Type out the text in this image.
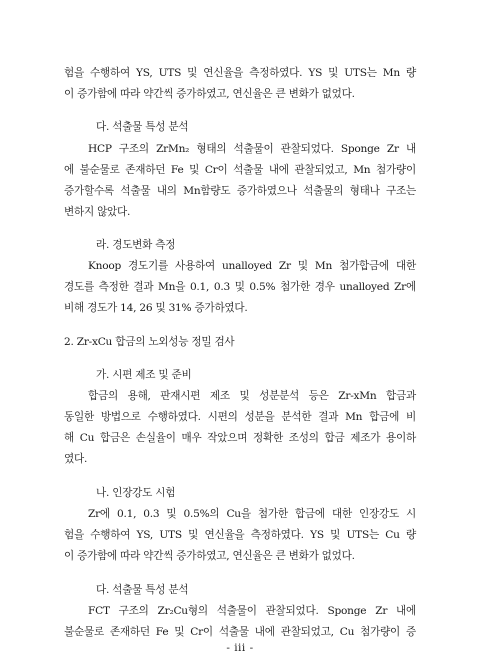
험을 수행하여 YS, UTS 및 연신율을 측정하였다. YS 및 UTS는 Mn 량
이 증가함에 따라 약간씩 증가하였고, 연신율은 큰 변화가 없었다.
다. 석출물 특성 분석
HCP 구조의 ZrMn₂ 형태의 석출물이 관찰되었다. Sponge Zr 내
에 불순물로 존재하던 Fe 및 Cr이 석출물 내에 관찰되었고, Mn 첨가량이
증가할수록 석출물 내의 Mn함량도 증가하였으나 석출물의 형태나 구조는
변하지 않았다.
라. 경도변화 측정
Knoop 경도기를 사용하여 unalloyed Zr 및 Mn 첨가합금에 대한
경도를 측정한 결과 Mn을 0.1, 0.3 및 0.5% 첨가한 경우 unalloyed Zr에
비해 경도가 14, 26 및 31% 증가하였다.
2. Zr-xCu 합금의 노외성능 정밀 검사
가. 시편 제조 및 준비
합금의 용해, 판재시편 제조 및 성분분석 등은 Zr-xMn 합금과
동일한 방법으로 수행하였다. 시편의 성분을 분석한 결과 Mn 합금에 비
해 Cu 합금은 손실율이 매우 작았으며 정확한 조성의 합금 제조가 용이하
였다.
나. 인장강도 시험
Zr에 0.1, 0.3 및 0.5%의 Cu을 첨가한 합금에 대한 인장강도 시
험을 수행하여 YS, UTS 및 연신율을 측정하였다. YS 및 UTS는 Cu 량
이 증가함에 따라 약간씩 증가하였고, 연신율은 큰 변화가 없었다.
다. 석출물 특성 분석
FCT 구조의 Zr₂Cu형의 석출물이 관찰되었다. Sponge Zr 내에
불순물로 존재하던 Fe 및 Cr이 석출물 내에 관찰되었고, Cu 첨가량이 증
- iii -
